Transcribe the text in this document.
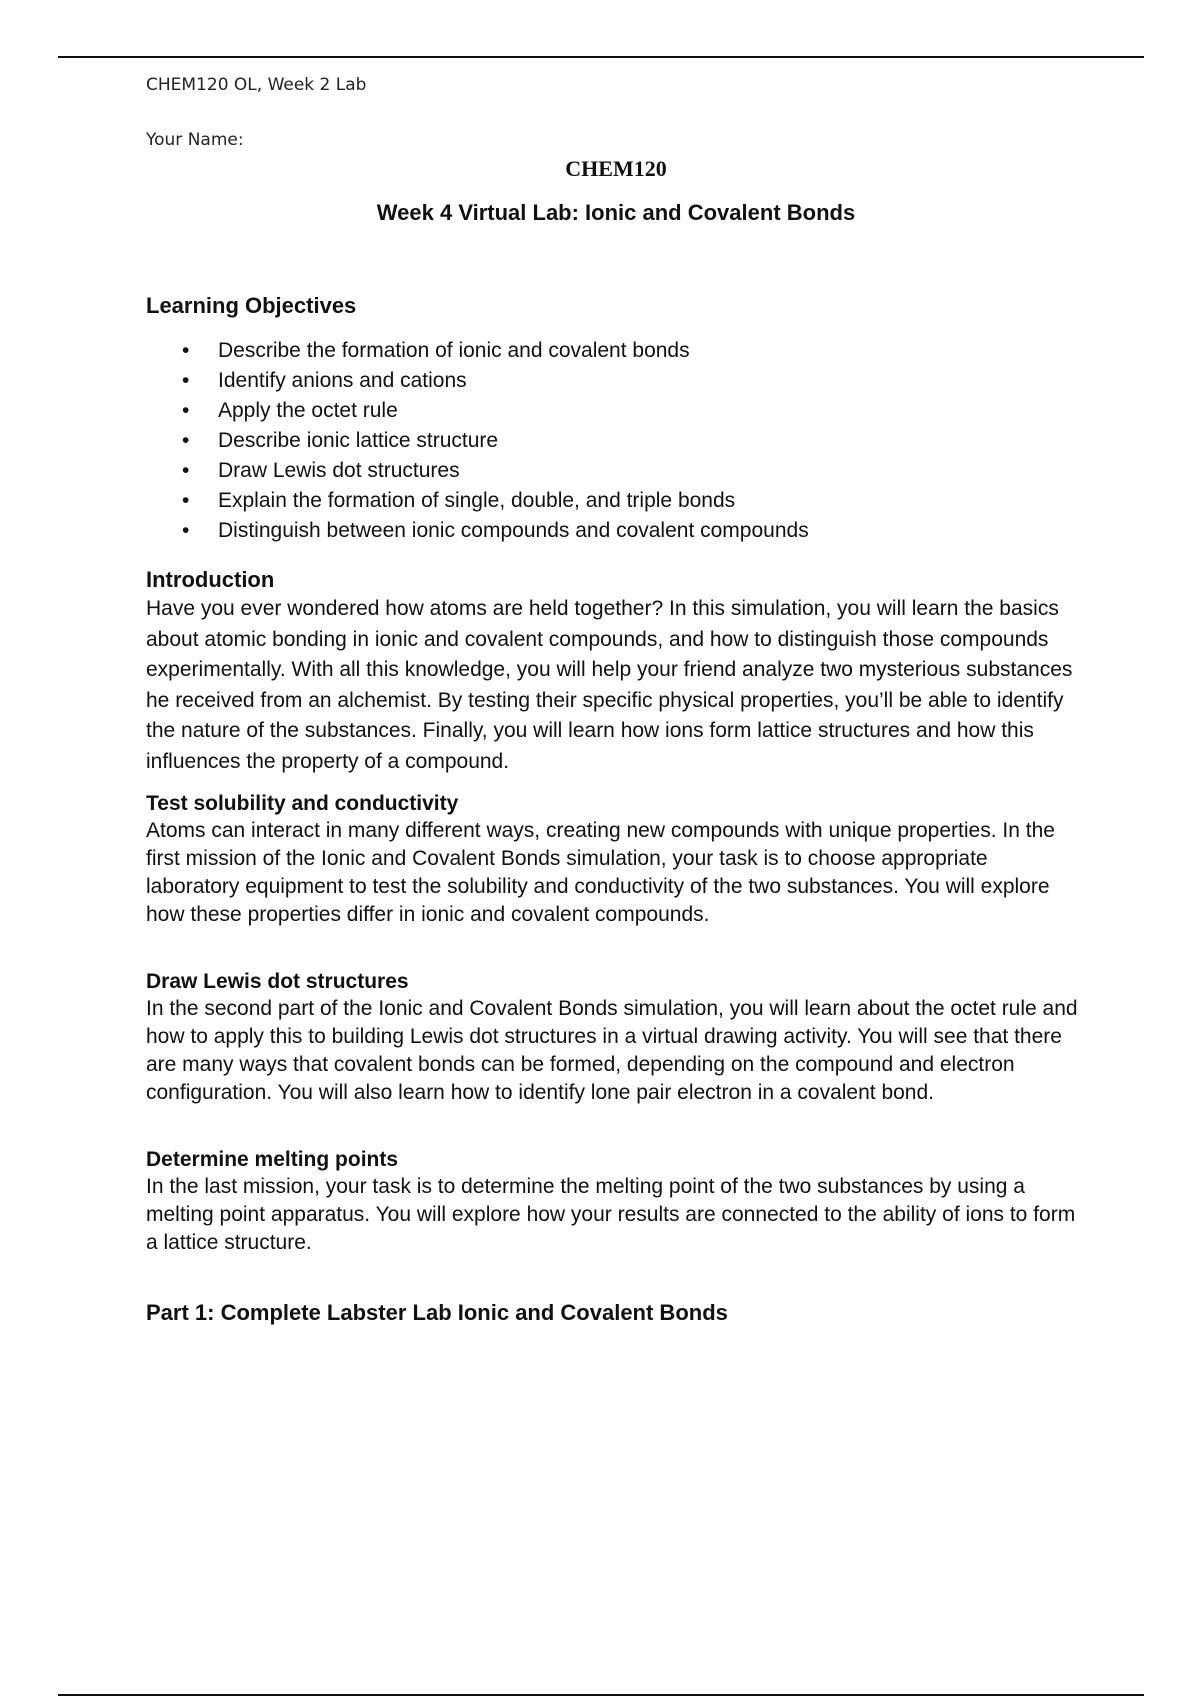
CHEM120 OL, Week 2 Lab
Your Name:
CHEM120
Week 4 Virtual Lab: Ionic and Covalent Bonds
Learning Objectives
• Describe the formation of ionic and covalent bonds
• Identify anions and cations
• Apply the octet rule
• Describe ionic lattice structure
• Draw Lewis dot structures
• Explain the formation of single, double, and triple bonds
• Distinguish between ionic compounds and covalent compounds
Introduction

Have you ever wondered how atoms are held together? In this simulation, you will learn the basics about atomic bonding in ionic and covalent compounds, and how to distinguish those compounds experimentally. With all this knowledge, you will help your friend analyze two mysterious substances he received from an alchemist. By testing their specific physical properties, you’ll be able to identify the nature of the substances. Finally, you will learn how ions form lattice structures and how this influences the property of a compound.

Test solubility and conductivity

Atoms can interact in many different ways, creating new compounds with unique properties. In the first mission of the Ionic and Covalent Bonds simulation, your task is to choose appropriate laboratory equipment to test the solubility and conductivity of the two substances. You will explore how these properties differ in ionic and covalent compounds.

Draw Lewis dot structures

In the second part of the Ionic and Covalent Bonds simulation, you will learn about the octet rule and how to apply this to building Lewis dot structures in a virtual drawing activity. You will see that there are many ways that covalent bonds can be formed, depending on the compound and electron configuration. You will also learn how to identify lone pair electron in a covalent bond.

Determine melting points

In the last mission, your task is to determine the melting point of the two substances by using a melting point apparatus. You will explore how your results are connected to the ability of ions to form a lattice structure.

Part 1: Complete Labster Lab Ionic and Covalent Bonds
